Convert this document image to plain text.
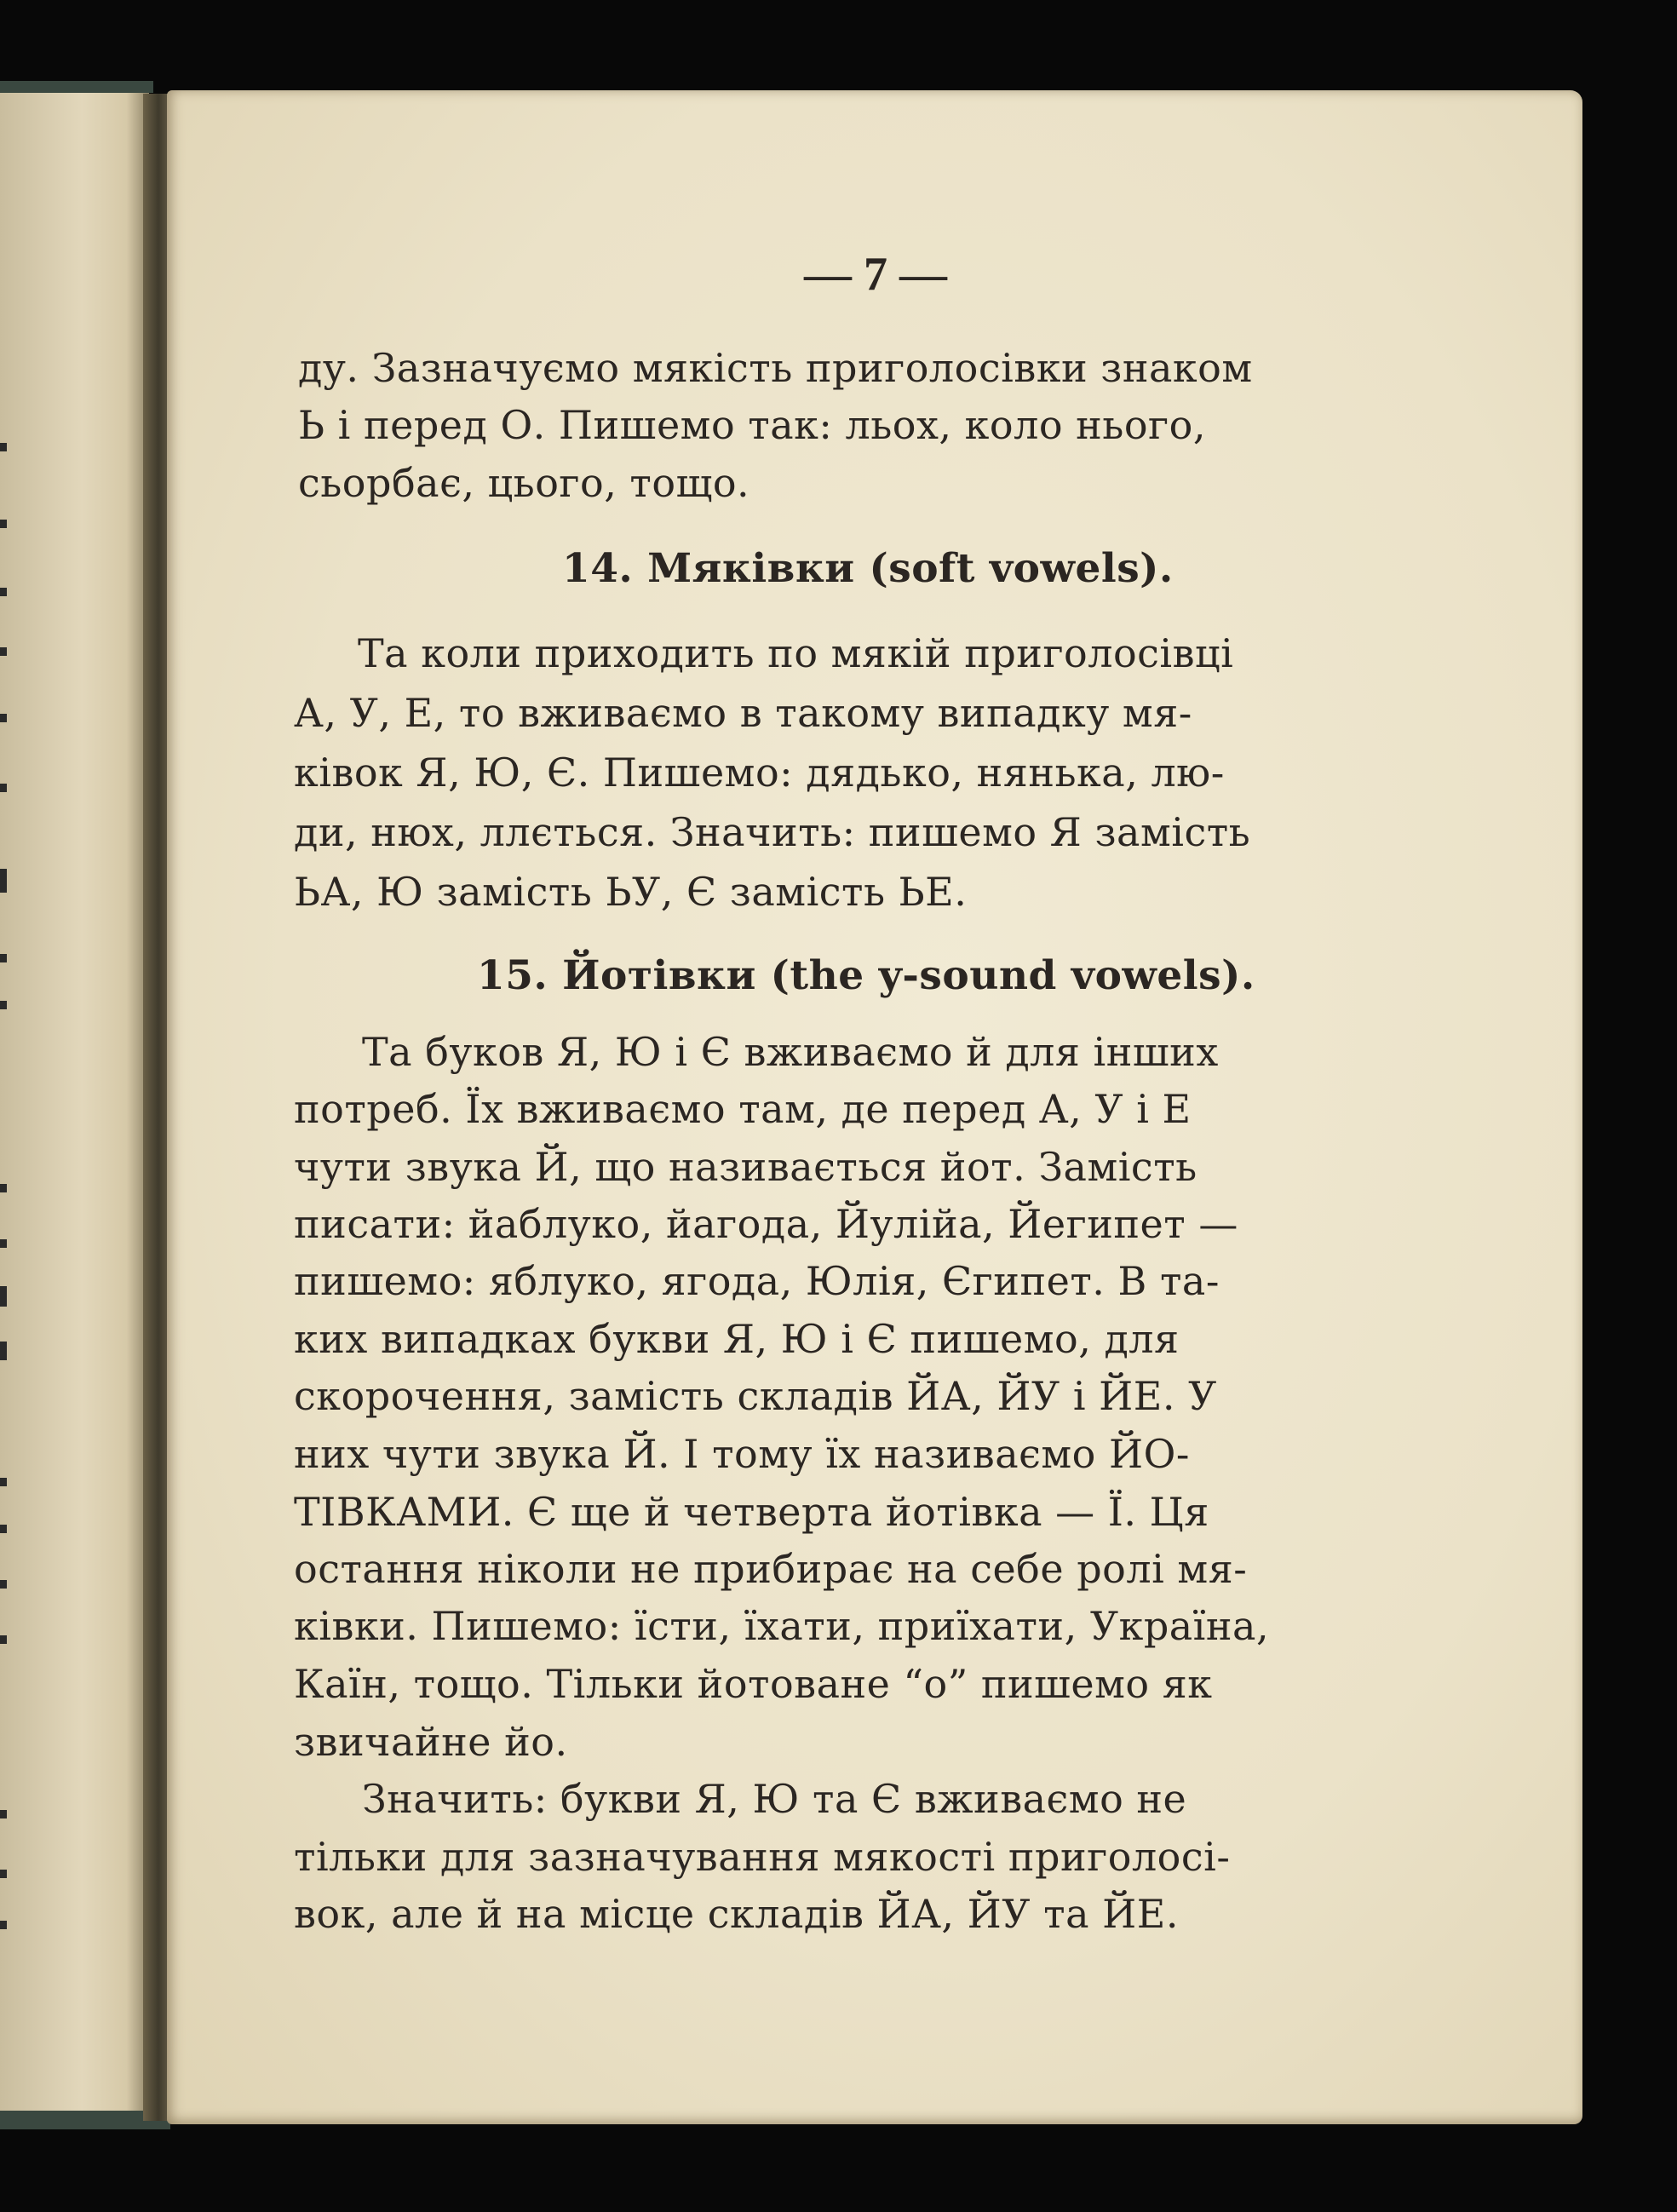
— 7 —
ду. Зазначуємо мякість приголосівки знаком
Ь і перед О. Пишемо так: льох, коло нього,
сьорбає, цього, тощо.
14. Мяківки (soft vowels).
Та коли приходить по мякій приголосівці
А, У, Е, то вживаємо в такому випадку мя-
ківок Я, Ю, Є. Пишемо: дядько, нянька, лю-
ди, нюх, ллється. Значить: пишемо Я замість
ЬА, Ю замість ЬУ, Є замість ЬЕ.
15. Йотівки (the y-sound vowels).
Та буков Я, Ю і Є вживаємо й для інших
потреб. Їх вживаємо там, де перед А, У і Е
чути звука Й, що називається йот. Замість
писати: йаблуко, йагода, Йулійа, Йегипет —
пишемо: яблуко, ягода, Юлія, Єгипет. В та-
ких випадках букви Я, Ю і Є пишемо, для
скорочення, замість складів ЙА, ЙУ і ЙЕ. У
них чути звука Й. І тому їх називаємо ЙО-
ТІВКАМИ. Є ще й четверта йотівка — Ї. Ця
остання ніколи не прибирає на себе ролі мя-
ківки. Пишемо: їсти, їхати, приїхати, Україна,
Каїн, тощо. Тільки йотоване “о” пишемо як
звичайне йо.
Значить: букви Я, Ю та Є вживаємо не
тільки для зазначування мякості приголосі-
вок, але й на місце складів ЙА, ЙУ та ЙЕ.
